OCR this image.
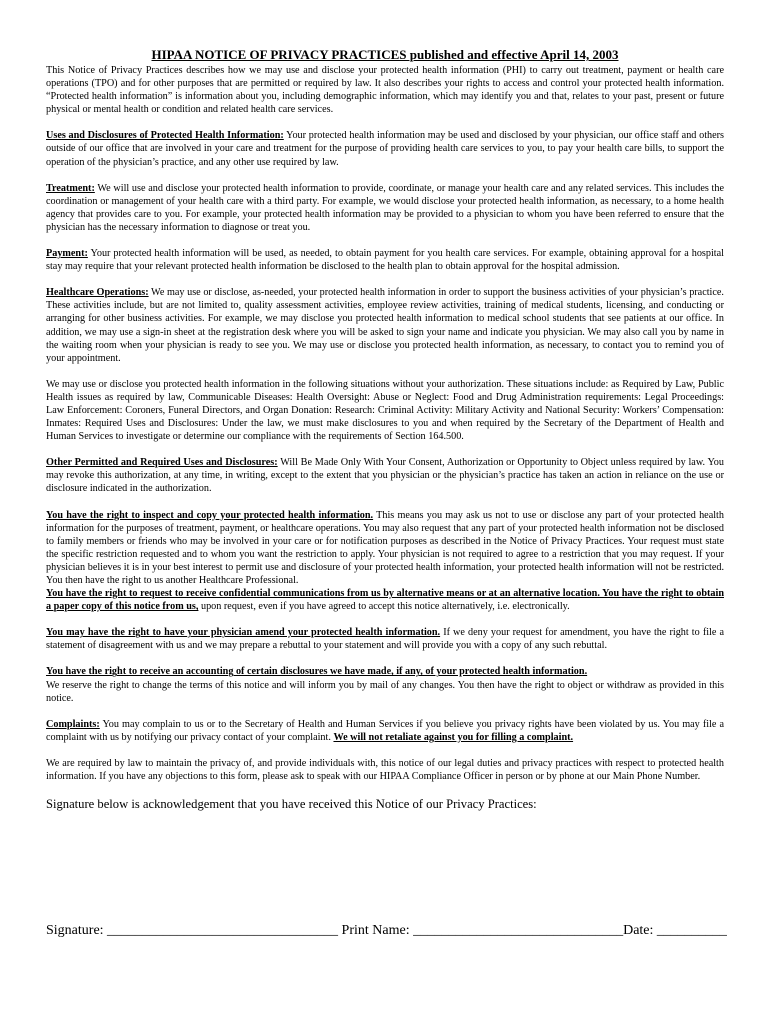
HIPAA NOTICE OF PRIVACY PRACTICES published and effective April 14, 2003

This Notice of Privacy Practices describes how we may use and disclose your protected health information (PHI) to carry out treatment, payment or health care operations (TPO) and for other purposes that are permitted or required by law. It also describes your rights to access and control your protected health information. “Protected health information” is information about you, including demographic information, which may identify you and that, relates to your past, present or future physical or mental health or condition and related health care services.

Uses and Disclosures of Protected Health Information: Your protected health information may be used and disclosed by your physician, our office staff and others outside of our office that are involved in your care and treatment for the purpose of providing health care services to you, to pay your health care bills, to support the operation of the physician’s practice, and any other use required by law.

Treatment: We will use and disclose your protected health information to provide, coordinate, or manage your health care and any related services. This includes the coordination or management of your health care with a third party. For example, we would disclose your protected health information, as necessary, to a home health agency that provides care to you. For example, your protected health information may be provided to a physician to whom you have been referred to ensure that the physician has the necessary information to diagnose or treat you.

Payment: Your protected health information will be used, as needed, to obtain payment for you health care services. For example, obtaining approval for a hospital stay may require that your relevant protected health information be disclosed to the health plan to obtain approval for the hospital admission.

Healthcare Operations: We may use or disclose, as-needed, your protected health information in order to support the business activities of your physician’s practice. These activities include, but are not limited to, quality assessment activities, employee review activities, training of medical students, licensing, and conducting or arranging for other business activities. For example, we may disclose you protected health information to medical school students that see patients at our office. In addition, we may use a sign-in sheet at the registration desk where you will be asked to sign your name and indicate you physician. We may also call you by name in the waiting room when your physician is ready to see you. We may use or disclose you protected health information, as necessary, to contact you to remind you of your appointment.

We may use or disclose you protected health information in the following situations without your authorization. These situations include: as Required by Law, Public Health issues as required by law, Communicable Diseases: Health Oversight: Abuse or Neglect: Food and Drug Administration requirements: Legal Proceedings: Law Enforcement: Coroners, Funeral Directors, and Organ Donation: Research: Criminal Activity: Military Activity and National Security: Workers’ Compensation: Inmates: Required Uses and Disclosures: Under the law, we must make disclosures to you and when required by the Secretary of the Department of Health and Human Services to investigate or determine our compliance with the requirements of Section 164.500.

Other Permitted and Required Uses and Disclosures: Will Be Made Only With Your Consent, Authorization or Opportunity to Object unless required by law. You may revoke this authorization, at any time, in writing, except to the extent that you physician or the physician’s practice has taken an action in reliance on the use or disclosure indicated in the authorization.

You have the right to inspect and copy your protected health information. This means you may ask us not to use or disclose any part of your protected health information for the purposes of treatment, payment, or healthcare operations. You may also request that any part of your protected health information not be disclosed to family members or friends who may be involved in your care or for notification purposes as described in the Notice of Privacy Practices. Your request must state the specific restriction requested and to whom you want the restriction to apply. Your physician is not required to agree to a restriction that you may request. If your physician believes it is in your best interest to permit use and disclosure of your protected health information, your protected health information will not be restricted. You then have the right to us another Healthcare Professional.

You have the right to request to receive confidential communications from us by alternative means or at an alternative location. You have the right to obtain a paper copy of this notice from us, upon request, even if you have agreed to accept this notice alternatively, i.e. electronically.

You may have the right to have your physician amend your protected health information. If we deny your request for amendment, you have the right to file a statement of disagreement with us and we may prepare a rebuttal to your statement and will provide you with a copy of any such rebuttal.

You have the right to receive an accounting of certain disclosures we have made, if any, of your protected health information.
We reserve the right to change the terms of this notice and will inform you by mail of any changes. You then have the right to object or withdraw as provided in this notice.

Complaints: You may complain to us or to the Secretary of Health and Human Services if you believe you privacy rights have been violated by us. You may file a complaint with us by notifying our privacy contact of your complaint. We will not retaliate against you for filling a complaint.

We are required by law to maintain the privacy of, and provide individuals with, this notice of our legal duties and privacy practices with respect to protected health information. If you have any objections to this form, please ask to speak with our HIPAA Compliance Officer in person or by phone at our Main Phone Number.

Signature below is acknowledgement that you have received this Notice of our Privacy Practices:

Signature: _________________________________ Print Name: ______________________________Date: __________
